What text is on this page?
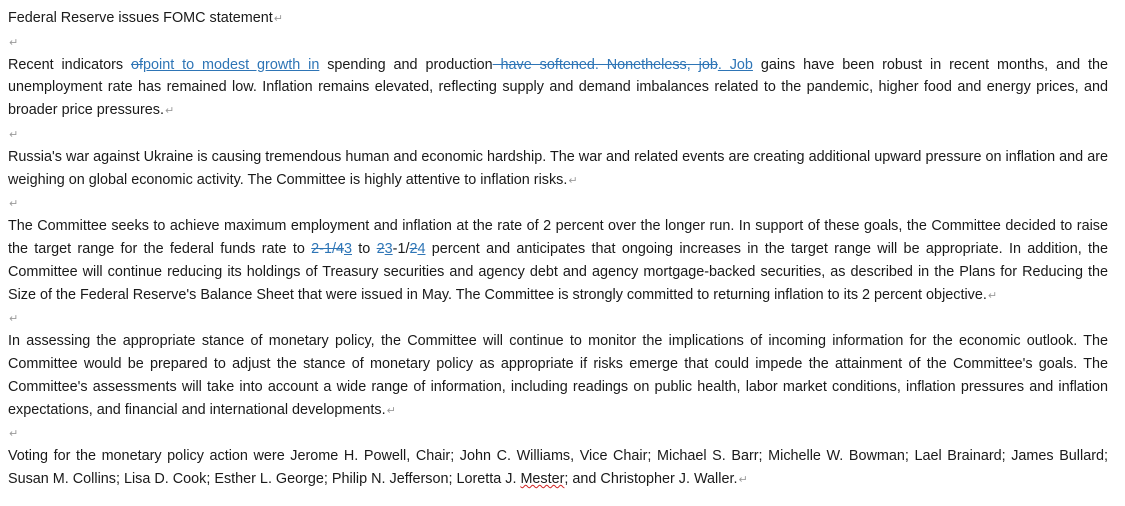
Federal Reserve issues FOMC statement↵

↵

Recent indicators ofpoint to modest growth in spending and production have softened. Nonetheless, job. Job gains have been robust in recent months, and the unemployment rate has remained low. Inflation remains elevated, reflecting supply and demand imbalances related to the pandemic, higher food and energy prices, and broader price pressures.↵

↵

Russia's war against Ukraine is causing tremendous human and economic hardship. The war and related events are creating additional upward pressure on inflation and are weighing on global economic activity. The Committee is highly attentive to inflation risks.↵

↵

The Committee seeks to achieve maximum employment and inflation at the rate of 2 percent over the longer run. In support of these goals, the Committee decided to raise the target range for the federal funds rate to 2-1/43 to 23-1/24 percent and anticipates that ongoing increases in the target range will be appropriate. In addition, the Committee will continue reducing its holdings of Treasury securities and agency debt and agency mortgage-backed securities, as described in the Plans for Reducing the Size of the Federal Reserve's Balance Sheet that were issued in May. The Committee is strongly committed to returning inflation to its 2 percent objective.↵

↵

In assessing the appropriate stance of monetary policy, the Committee will continue to monitor the implications of incoming information for the economic outlook. The Committee would be prepared to adjust the stance of monetary policy as appropriate if risks emerge that could impede the attainment of the Committee's goals. The Committee's assessments will take into account a wide range of information, including readings on public health, labor market conditions, inflation pressures and inflation expectations, and financial and international developments.↵

↵

Voting for the monetary policy action were Jerome H. Powell, Chair; John C. Williams, Vice Chair; Michael S. Barr; Michelle W. Bowman; Lael Brainard; James Bullard; Susan M. Collins; Lisa D. Cook; Esther L. George; Philip N. Jefferson; Loretta J. Mester; and Christopher J. Waller.↵
